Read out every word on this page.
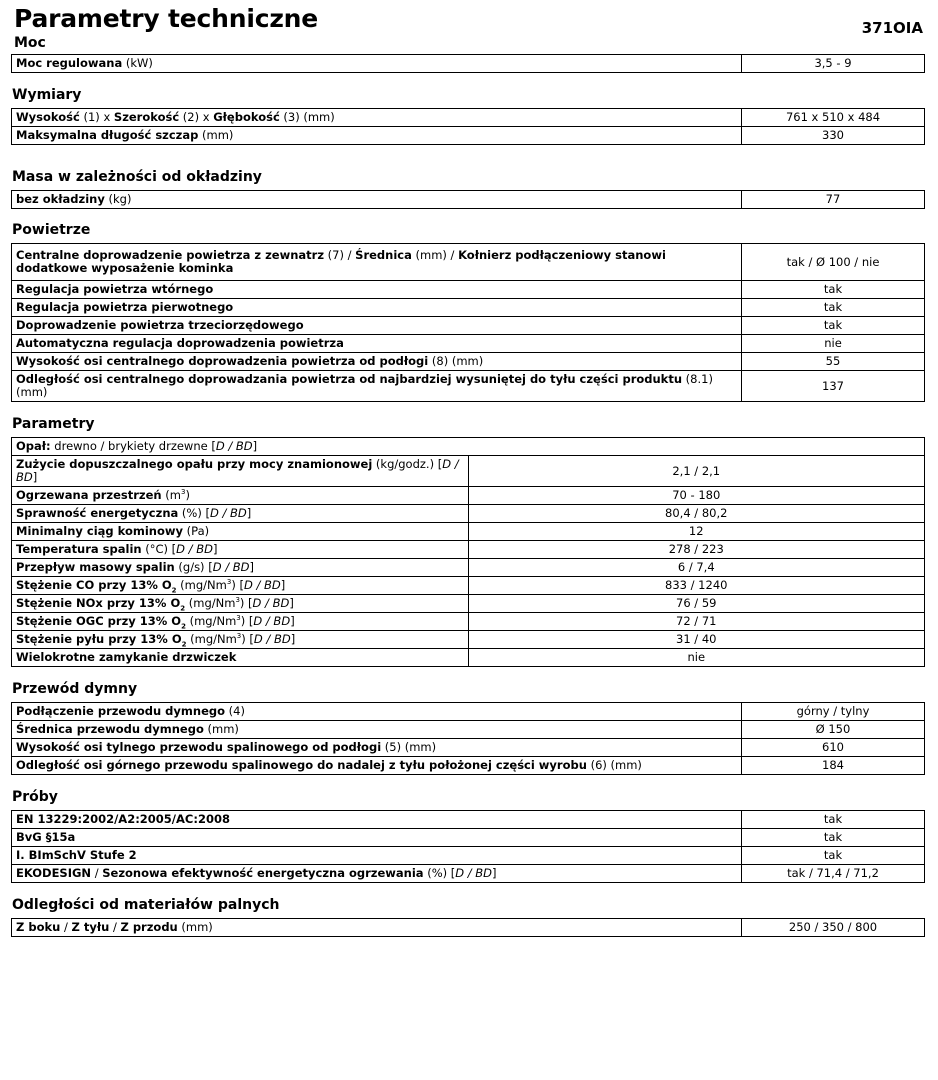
Parametry techniczne	371OIA
Moc
Moc regulowana (kW)	3,5 - 9
Wymiary
Wysokość (1) x Szerokość (2) x Głębokość (3) (mm)	761 x 510 x 484
Maksymalna długość szczap (mm)	330
Masa w zależności od okładziny
bez okładziny (kg)	77
Powietrze
Centralne doprowadzenie powietrza z zewnatrz (7) / Średnica (mm) / Kołnierz podłączeniowy stanowi dodatkowe wyposażenie kominka	tak / Ø 100 / nie
Regulacja powietrza wtórnego	tak
Regulacja powietrza pierwotnego	tak
Doprowadzenie powietrza trzeciorzędowego	tak
Automatyczna regulacja doprowadzenia powietrza	nie
Wysokość osi centralnego doprowadzenia powietrza od podłogi (8) (mm)	55
Odległość osi centralnego doprowadzania powietrza od najbardziej wysuniętej do tyłu części produktu (8.1) (mm)	137
Parametry
Opał: drewno / brykiety drzewne [D / BD]	
Zużycie dopuszczalnego opału przy mocy znamionowej (kg/godz.) [D / BD]	2,1 / 2,1
Ogrzewana przestrzeń $(m^3)$	70 - 180
Sprawność energetyczna (%) [D / BD]	80,4 / 80,2
Minimalny ciąg kominowy (Pa)	12
Temperatura spalin (°C) [D / BD]	278 / 223
Przepływ masowy spalin (g/s) [D / BD]	6 / 7,4
Stężenie CO przy 13% $O_2$ (mg/Nm$^3$) [D / BD]	833 / 1240
Stężenie NOx przy 13% $O_2$ (mg/Nm$^3$) [D / BD]	76 / 59
Stężenie OGC przy 13% $O_2$ (mg/Nm$^3$) [D / BD]	72 / 71
Stężenie pyłu przy 13% $O_2$ (mg/Nm$^3$) [D / BD]	31 / 40
Wielokrotne zamykanie drzwiczek	nie
Przewód dymny
Podłączenie przewodu dymnego (4)	górny / tylny
Średnica przewodu dymnego (mm)	Ø 150
Wysokość osi tylnego przewodu spalinowego od podłogi (5) (mm)	610
Odległość osi górnego przewodu spalinowego do nadalej z tyłu położonej części wyrobu (6) (mm)	184
Próby
EN 13229:2002/A2:2005/AC:2008	tak
BvG §15a	tak
I. BImSchV Stufe 2	tak
EKODESIGN / Sezonowa efektywność energetyczna ogrzewania (%) [D / BD]	tak / 71,4 / 71,2
Odległości od materiałów palnych
Z boku / Z tyłu / Z przodu (mm)	250 / 350 / 800
